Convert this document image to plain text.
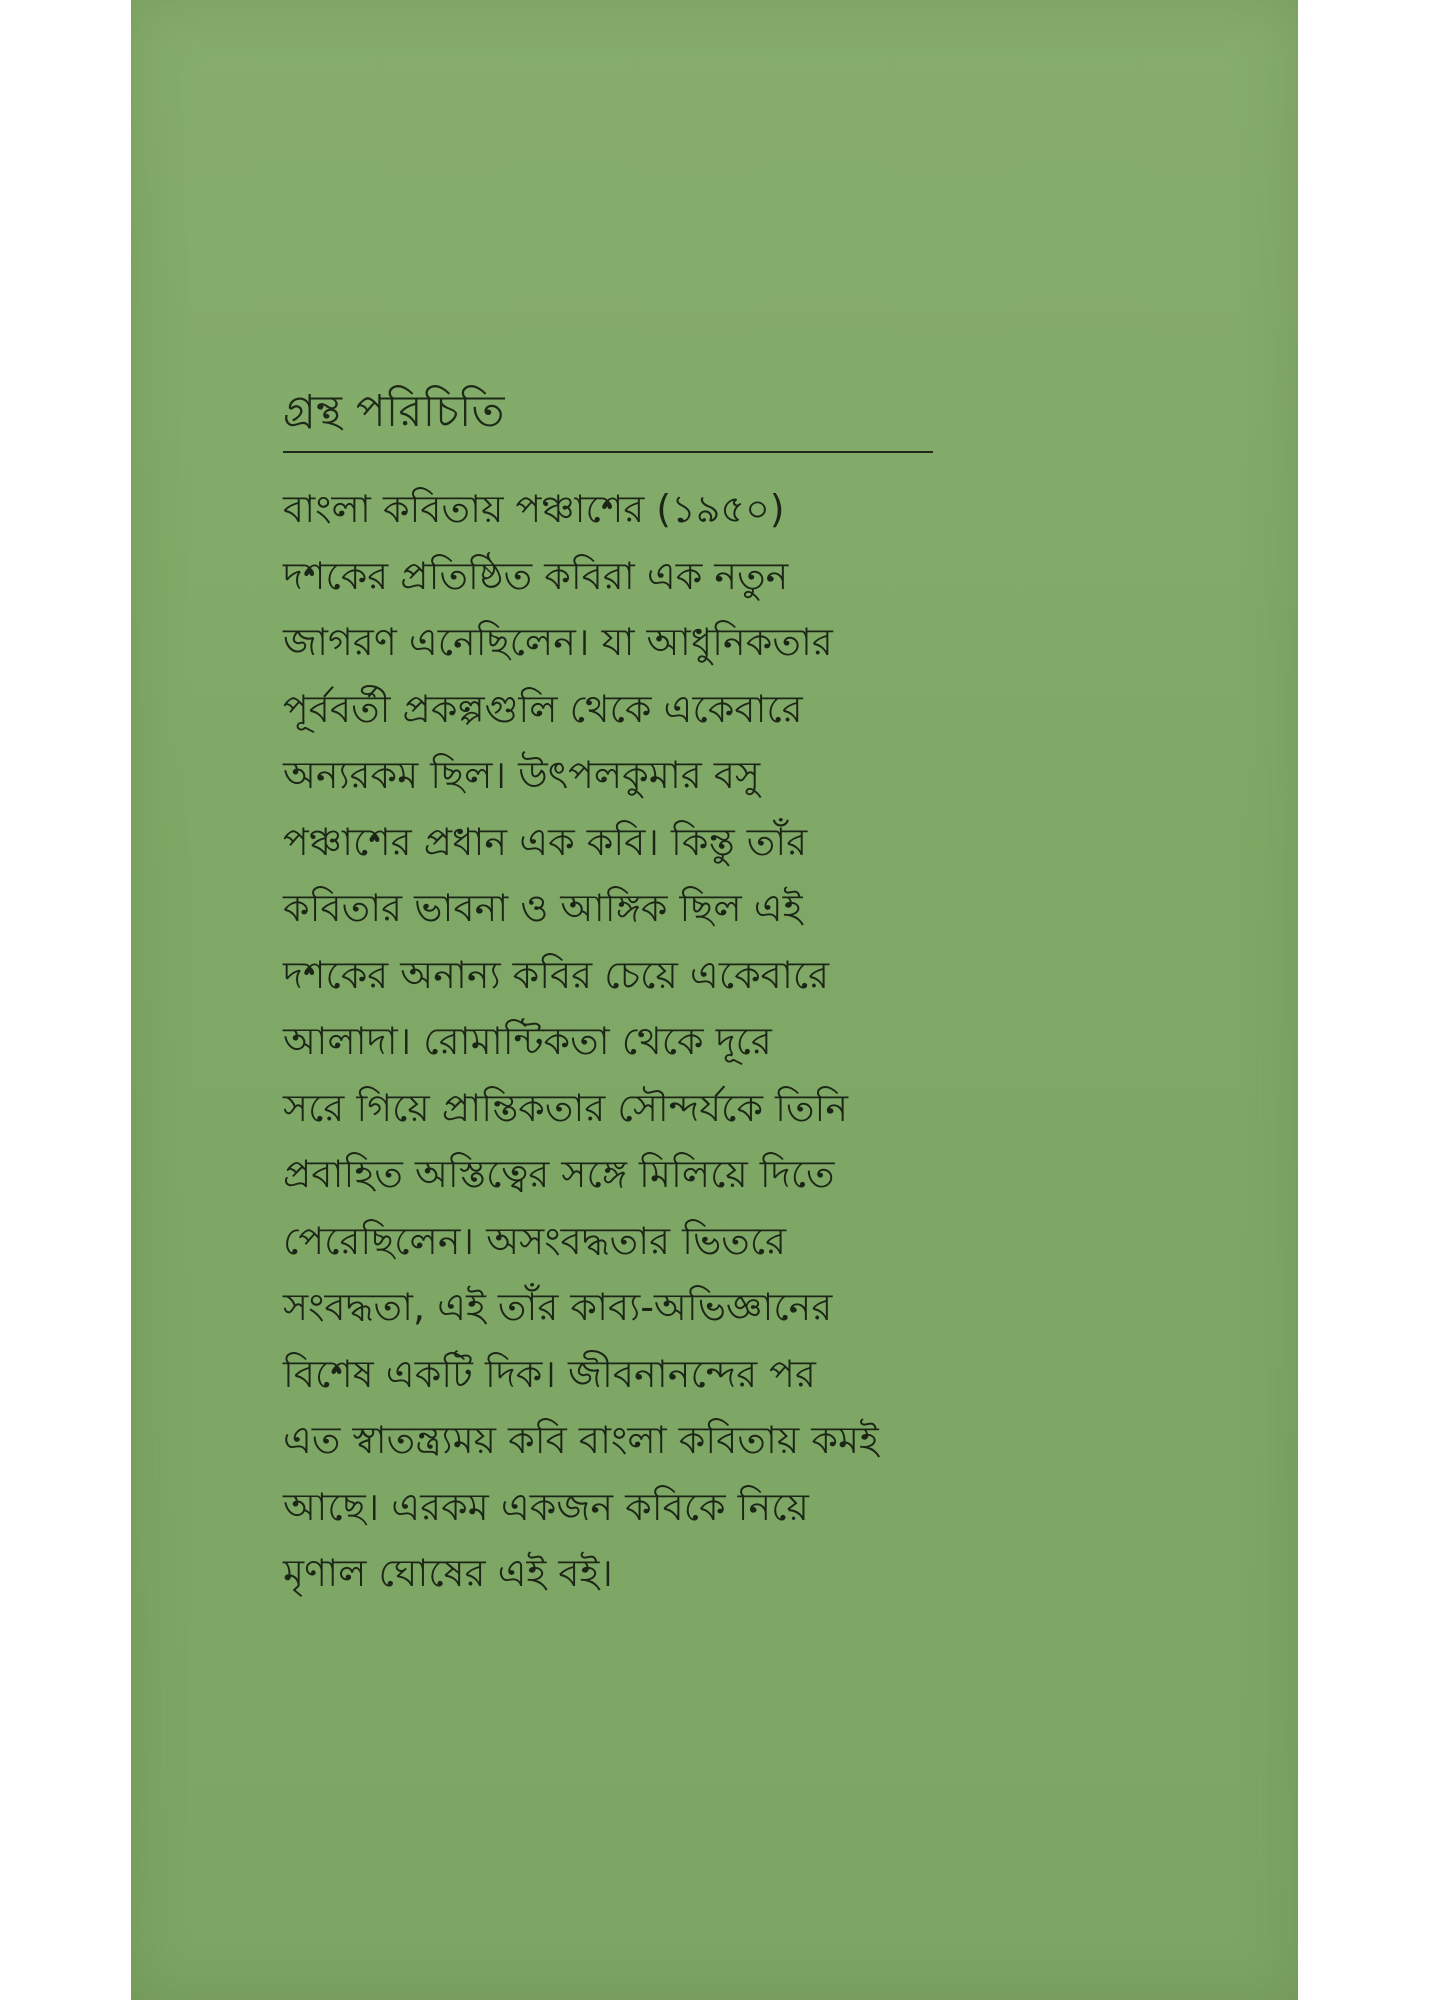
গ্রন্থ পরিচিতি
বাংলা কবিতায় পঞ্চাশের (১৯৫০)
দশকের প্রতিষ্ঠিত কবিরা এক নতুন
জাগরণ এনেছিলেন। যা আধুনিকতার
পূর্ববর্তী প্রকল্পগুলি থেকে একেবারে
অন্যরকম ছিল। উৎপলকুমার বসু
পঞ্চাশের প্রধান এক কবি। কিন্তু তাঁর
কবিতার ভাবনা ও আঙ্গিক ছিল এই
দশকের অনান্য কবির চেয়ে একেবারে
আলাদা। রোমান্টিকতা থেকে দূরে
সরে গিয়ে প্রান্তিকতার সৌন্দর্যকে তিনি
প্রবাহিত অস্তিত্বের সঙ্গে মিলিয়ে দিতে
পেরেছিলেন। অসংবদ্ধতার ভিতরে
সংবদ্ধতা, এই তাঁর কাব্য-অভিজ্ঞানের
বিশেষ একটি দিক। জীবনানন্দের পর
এত স্বাতন্ত্র্যময় কবি বাংলা কবিতায় কমই
আছে। এরকম একজন কবিকে নিয়ে
মৃণাল ঘোষের এই বই।
